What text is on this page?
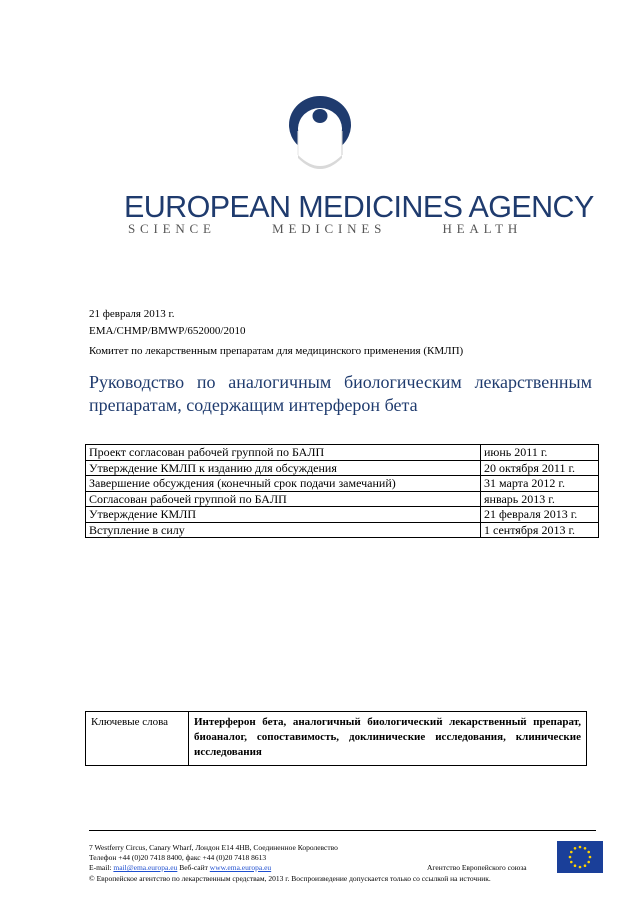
EUROPEAN MEDICINES AGENCY
SCIENCE	MEDICINES	HEALTH
21 февраля 2013 г.
EMA/CHMP/BMWP/652000/2010
Комитет по лекарственным препаратам для медицинского применения (КМЛП)
Руководство по аналогичным биологическим лекарственным препаратам, содержащим интерферон бета
Проект согласован рабочей группой по БАЛП	июнь 2011 г.
Утверждение КМЛП к изданию для обсуждения	20 октября 2011 г.
Завершение обсуждения (конечный срок подачи замечаний)	31 марта 2012 г.
Согласован рабочей группой по БАЛП	январь 2013 г.
Утверждение КМЛП	21 февраля 2013 г.
Вступление в силу	1 сентября 2013 г.
Ключевые слова	Интерферон бета, аналогичный биологический лекарственный препарат, биоаналог, сопоставимость, доклинические исследования, клинические исследования
7 Westferry Circus, Canary Wharf, Лондон E14 4HB, Соединенное Королевство
Телефон +44 (0)20 7418 8400, факс +44 (0)20 7418 8613
E-mail: mail@ema.europa.eu Веб-сайт www.ema.europa.eu	Агентство Европейского союза
© Европейское агентство по лекарственным средствам, 2013 г. Воспроизведение допускается только со ссылкой на источник.
